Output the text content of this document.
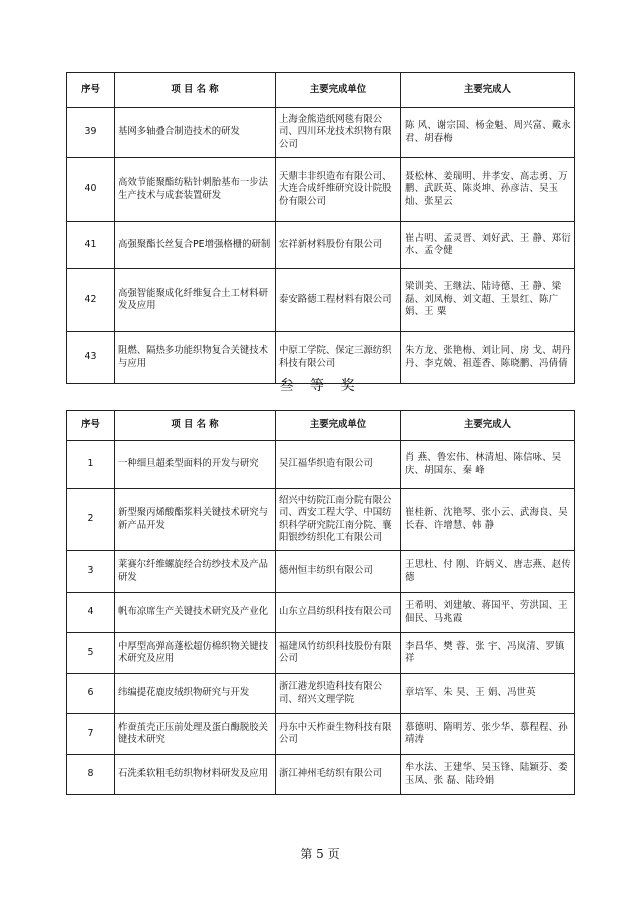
序号	项 目 名 称	主要完成单位	主要完成人
39	基网多轴叠合制造技术的研发	上海金熊造纸网毯有限公司、四川环龙技术织物有限公司	陈 风、谢宗国、杨金魁、周兴富、戴永君、胡春梅
40	高效节能聚酯纺粘针刺胎基布一步法生产技术与成套装置研发	天鼎丰非织造布有限公司、大连合成纤维研究设计院股份有限公司	聂松林、姜瑞明、井孝安、高志勇、万 鹏、武跃英、陈炎坤、孙彦洁、吴玉灿、张星云
41	高强聚酯长丝复合PE增强格栅的研制	宏祥新材料股份有限公司	崔占明、孟灵晋、刘好武、王 静、郑衍水、孟令健
42	高强智能聚成化纤维复合土工材料研发及应用	泰安路德工程材料有限公司	梁训美、王继法、陆诗德、王 静、梁 磊、刘凤梅、刘文超、王景红、陈广娟、王 粟
43	阻燃、隔热多功能织物复合关键技术与应用	中原工学院、保定三源纺织科技有限公司	朱方龙、张艳梅、刘让同、房 戈、胡丹丹、李克兢、祖莲香、陈晓鹏、冯倩倩
叁 等 奖
序号	项 目 名 称	主要完成单位	主要完成人
1	一种细旦超柔型面料的开发与研究	吴江福华织造有限公司	肖 燕、鲁宏伟、林清旭、陈信咏、吴 庆、胡国东、秦 峰
2	新型聚丙烯酸酯浆料关键技术研究与新产品开发	绍兴中纺院江南分院有限公司、西安工程大学、中国纺织科学研究院江南分院、襄阳银纱纺织化工有限公司	崔桂新、沈艳琴、张小云、武海良、吴长春、许增慧、韩 静
3	莱赛尔纤维螺旋经合纺纱技术及产品研发	德州恒丰纺织有限公司	王思杜、付 刚、许炳义、唐志燕、赵传德
4	帆布凉席生产关键技术研究及产业化	山东立昌纺织科技有限公司	王希明、刘建敏、蒋国平、劳洪国、王佃民、马兆霞
5	中厚型高弹高蓬松超仿棉织物关键技术研究及应用	福建凤竹纺织科技股份有限公司	李昌华、樊 蓉、张 宇、冯岚清、罗镇祥
6	纬编提花鹿皮绒织物研究与开发	浙江港龙织造科技有限公司、绍兴文理学院	章培军、朱 昊、王 娟、冯世英
7	柞蚕茧壳正压前处理及蛋白酶脱胶关键技术研究	丹东中天柞蚕生物科技有限公司	慕德明、隋明芳、张少华、慕程程、孙靖涛
8	石洗柔软粗毛纺织物材料研发及应用	浙江神州毛纺织有限公司	牟水法、王建华、吴玉锋、陆颖芬、娄玉凤、张 磊、陆玲娟
第 5 页
